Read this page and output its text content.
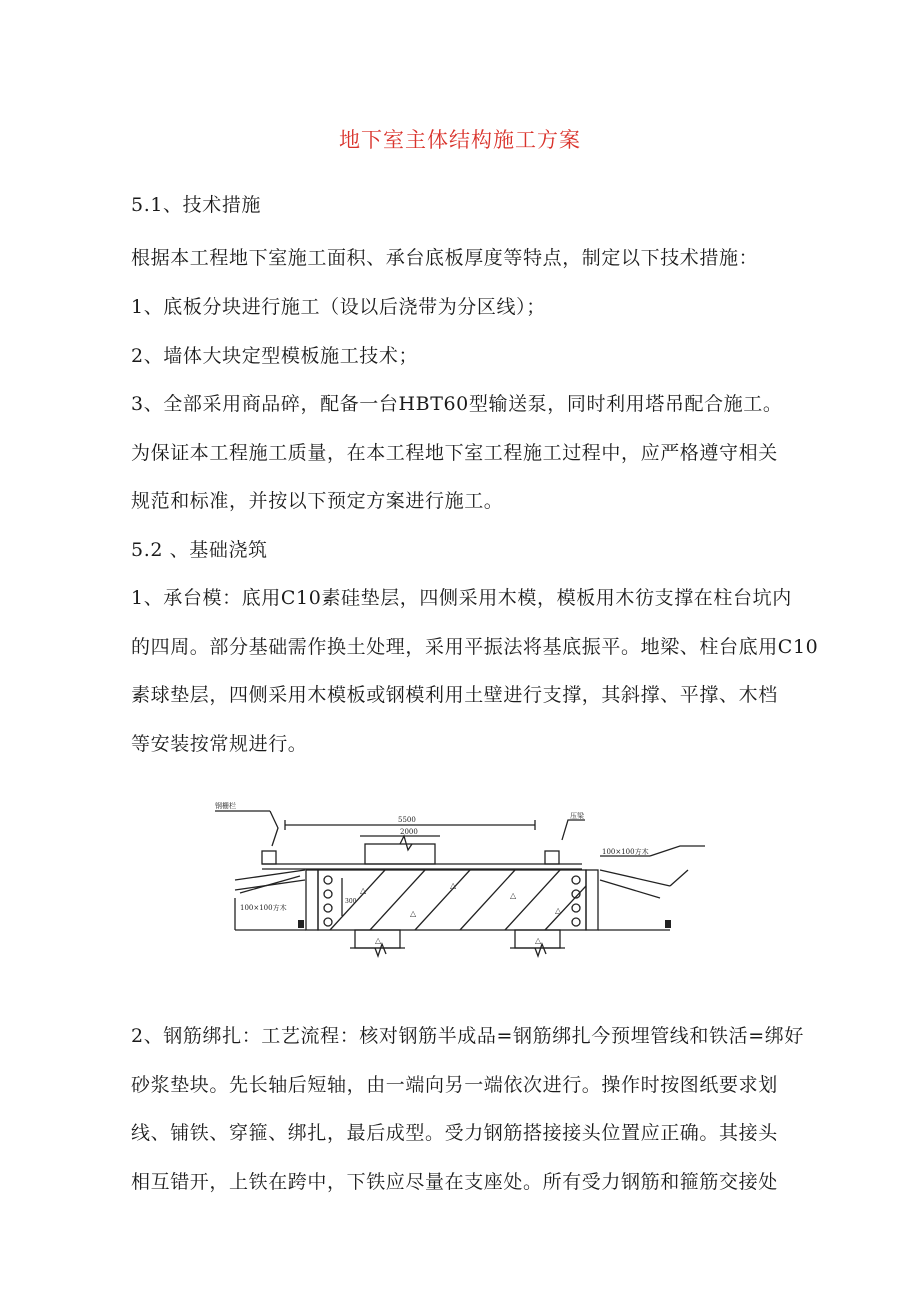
地下室主体结构施工方案
5.1、技术措施
根据本工程地下室施工面积、承台底板厚度等特点，制定以下技术措施：
1、底板分块进行施工（设以后浇带为分区线）；
2、墙体大块定型模板施工技术；
3、全部采用商品碎，配备一台HBT60型输送泵，同时利用塔吊配合施工。
为保证本工程施工质量，在本工程地下室工程施工过程中，应严格遵守相关
规范和标准，并按以下预定方案进行施工。
5.2 、基础浇筑
1、承台模：底用C10素硅垫层，四侧采用木模，模板用木彷支撑在柱台坑内
的四周。部分基础需作换土处理，采用平振法将基底振平。地梁、柱台底用C10
素球垫层，四侧采用木模板或钢模利用土壁进行支撑，其斜撑、平撑、木档
等安装按常规进行。
△
△
△
△
△
△	△
钢栅栏
5500
2000
300
压梁
100×100方木
100×100方木
2、钢筋绑扎：工艺流程：核对钢筋半成品=钢筋绑扎今预埋管线和铁活=绑好
砂浆垫块。先长轴后短轴，由一端向另一端依次进行。操作时按图纸要求划
线、铺铁、穿箍、绑扎，最后成型。受力钢筋搭接接头位置应正确。其接头
相互错开，上铁在跨中，下铁应尽量在支座处。所有受力钢筋和箍筋交接处
